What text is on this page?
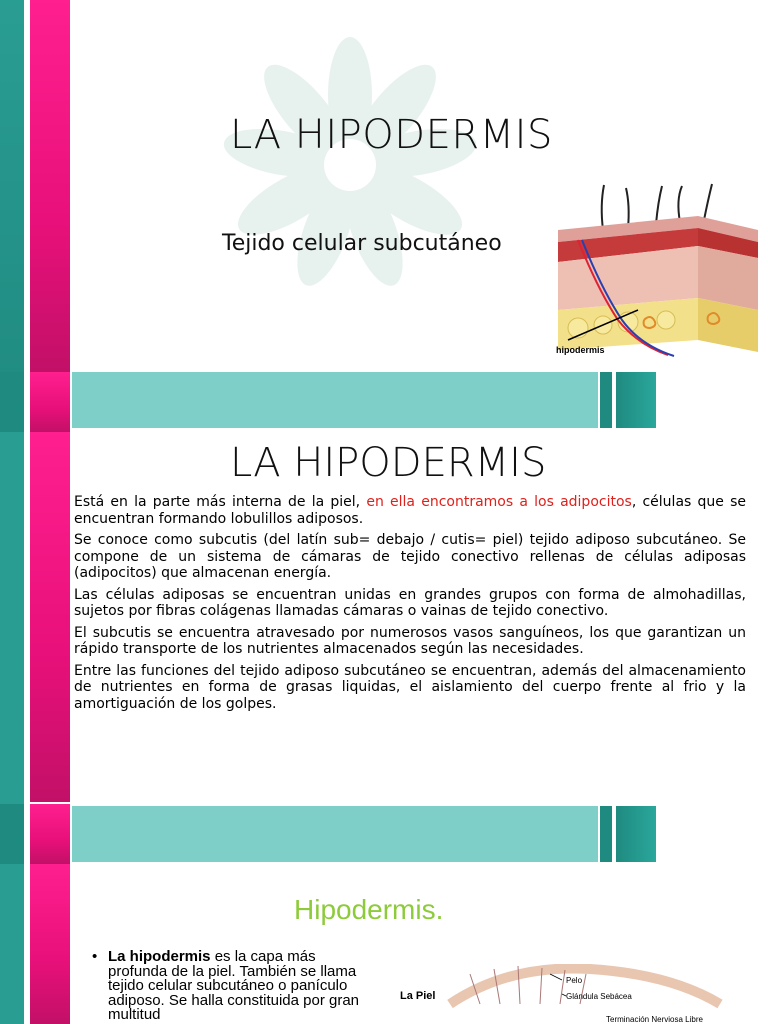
LA HIPODERMIS
Tejido celular subcutáneo
hipodermis
LA HIPODERMIS

Está en la parte más interna de la piel, en ella encontramos a los adipocitos, células que se encuentran formando lobulillos adiposos.

Se conoce como subcutis (del latín sub= debajo / cutis= piel) tejido adiposo subcutáneo. Se compone de un sistema de cámaras de tejido conectivo rellenas de células adiposas (adipocitos) que almacenan energía.

Las células adiposas se encuentran unidas en grandes grupos con forma de almohadillas, sujetos por fibras colágenas llamadas cámaras o vainas de tejido conectivo.

El subcutis se encuentra atravesado por numerosos vasos sanguíneos, los que garantizan un rápido transporte de los nutrientes almacenados según las necesidades.

Entre las funciones del tejido adiposo subcutáneo se encuentran, además del almacenamiento de nutrientes en forma de grasas liquidas, el aislamiento del cuerpo frente al frio y la amortiguación de los golpes.

Hipodermis.
• La hipodermis es la capa más profunda de la piel. También se llama tejido celular subcutáneo o panículo adiposo. Se halla constituida por gran multitud
La Piel
Pelo
Glándula Sebácea
Terminación Nerviosa Libre
